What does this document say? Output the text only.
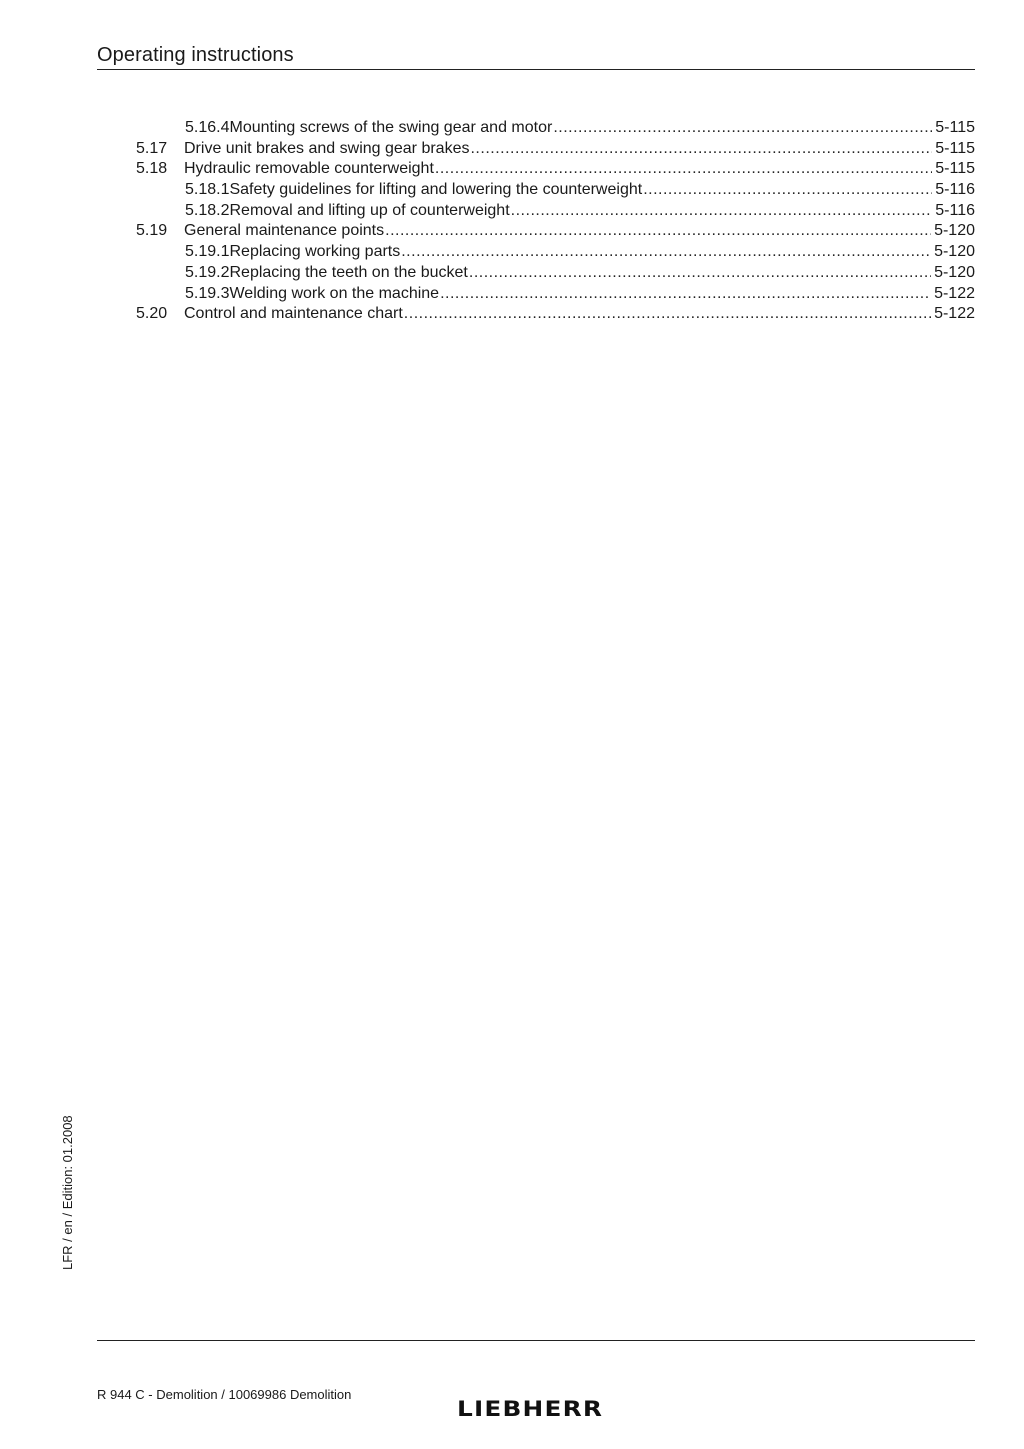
Operating instructions
5.16.4 Mounting screws of the swing gear and motor .....	5-115
5.17	Drive unit brakes and swing gear brakes .....	5-115
5.18	Hydraulic removable counterweight .....	5-115
5.18.1 Safety guidelines for lifting and lowering the counterweight .....	5-116
5.18.2 Removal and lifting up of counterweight .....	5-116
5.19	General maintenance points .....	5-120
5.19.1 Replacing working parts .....	5-120
5.19.2 Replacing the teeth on the bucket .....	5-120
5.19.3 Welding work on the machine .....	5-122
5.20	Control and maintenance chart .....	5-122
LFR / en / Edition: 01.2008
R 944 C - Demolition / 10069986 Demolition
LIEBHERR
